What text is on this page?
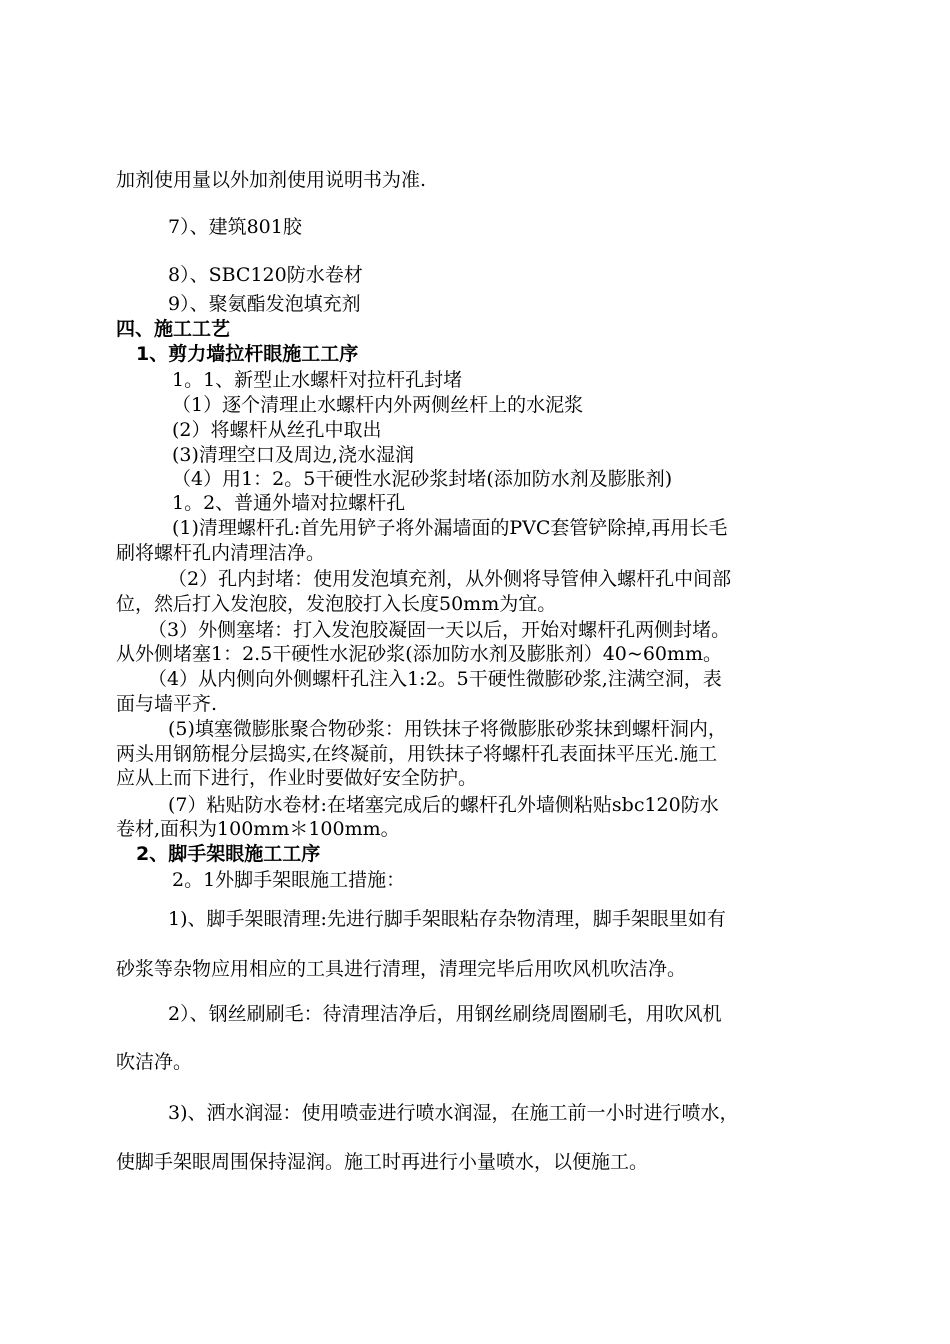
加剂使用量以外加剂使用说明书为准.
7）、建筑801胶
8）、SBC120防水卷材
9）、聚氨酯发泡填充剂
四、施工工艺
1、剪力墙拉杆眼施工工序
1。1、新型止水螺杆对拉杆孔封堵
（1）逐个清理止水螺杆内外两侧丝杆上的水泥浆
(2）将螺杆从丝孔中取出
(3)清理空口及周边,浇水湿润
（4）用1：2。5干硬性水泥砂浆封堵(添加防水剂及膨胀剂)
1。2、普通外墙对拉螺杆孔
(1)清理螺杆孔:首先用铲子将外漏墙面的PVC套管铲除掉,再用长毛
刷将螺杆孔内清理洁净。
（2）孔内封堵：使用发泡填充剂，从外侧将导管伸入螺杆孔中间部
位，然后打入发泡胶，发泡胶打入长度50mm为宜。
（3）外侧塞堵：打入发泡胶凝固一天以后，开始对螺杆孔两侧封堵。
从外侧堵塞1：2.5干硬性水泥砂浆(添加防水剂及膨胀剂）40~60mm。
（4）从内侧向外侧螺杆孔注入1:2。5干硬性微膨砂浆,注满空洞，表
面与墙平齐.
(5)填塞微膨胀聚合物砂浆：用铁抹子将微膨胀砂浆抹到螺杆洞内，
两头用钢筋棍分层捣实,在终凝前，用铁抹子将螺杆孔表面抹平压光.施工
应从上而下进行，作业时要做好安全防护。
(7）粘贴防水卷材:在堵塞完成后的螺杆孔外墙侧粘贴sbc120防水
卷材,面积为100mm＊100mm。
2、脚手架眼施工工序
2。1外脚手架眼施工措施：
1)、脚手架眼清理:先进行脚手架眼粘存杂物清理，脚手架眼里如有
砂浆等杂物应用相应的工具进行清理，清理完毕后用吹风机吹洁净。
2）、钢丝刷刷毛：待清理洁净后，用钢丝刷绕周圈刷毛，用吹风机
吹洁净。
3)、洒水润湿：使用喷壶进行喷水润湿，在施工前一小时进行喷水，
使脚手架眼周围保持湿润。施工时再进行小量喷水，以便施工。
